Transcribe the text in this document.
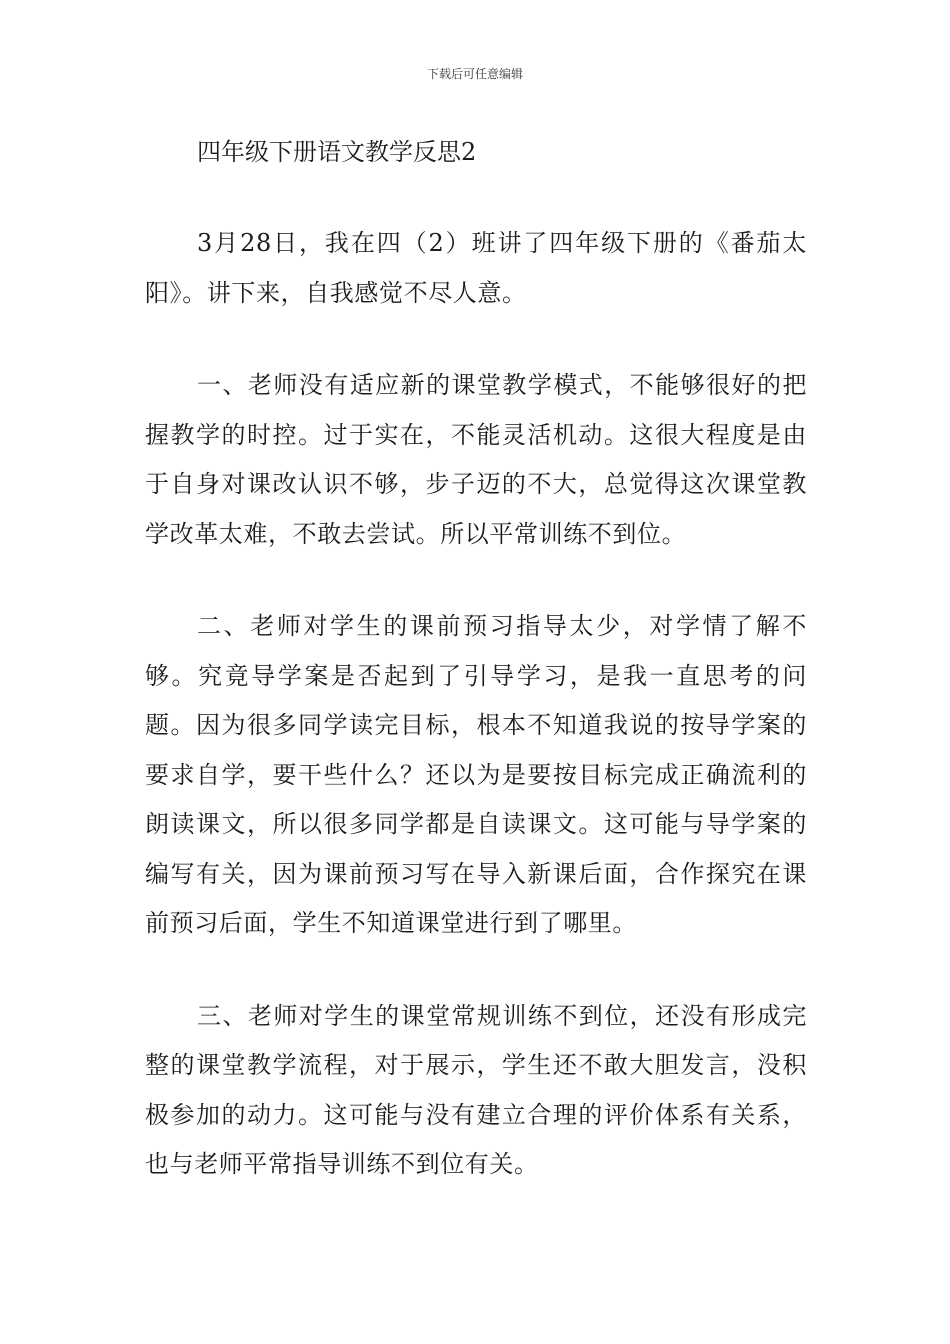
下载后可任意编辑
四年级下册语文教学反思2

3月28日，我在四（2）班讲了四年级下册的《番茄太阳》。讲下来，自我感觉不尽人意。

一、老师没有适应新的课堂教学模式，不能够很好的把握教学的时控。过于实在，不能灵活机动。这很大程度是由于自身对课改认识不够，步子迈的不大，总觉得这次课堂教学改革太难，不敢去尝试。所以平常训练不到位。

二、老师对学生的课前预习指导太少，对学情了解不够。究竟导学案是否起到了引导学习，是我一直思考的问题。因为很多同学读完目标，根本不知道我说的按导学案的要求自学，要干些什么？还以为是要按目标完成正确流利的朗读课文，所以很多同学都是自读课文。这可能与导学案的编写有关，因为课前预习写在导入新课后面，合作探究在课前预习后面，学生不知道课堂进行到了哪里。

三、老师对学生的课堂常规训练不到位，还没有形成完整的课堂教学流程，对于展示，学生还不敢大胆发言，没积极参加的动力。这可能与没有建立合理的评价体系有关系，也与老师平常指导训练不到位有关。
